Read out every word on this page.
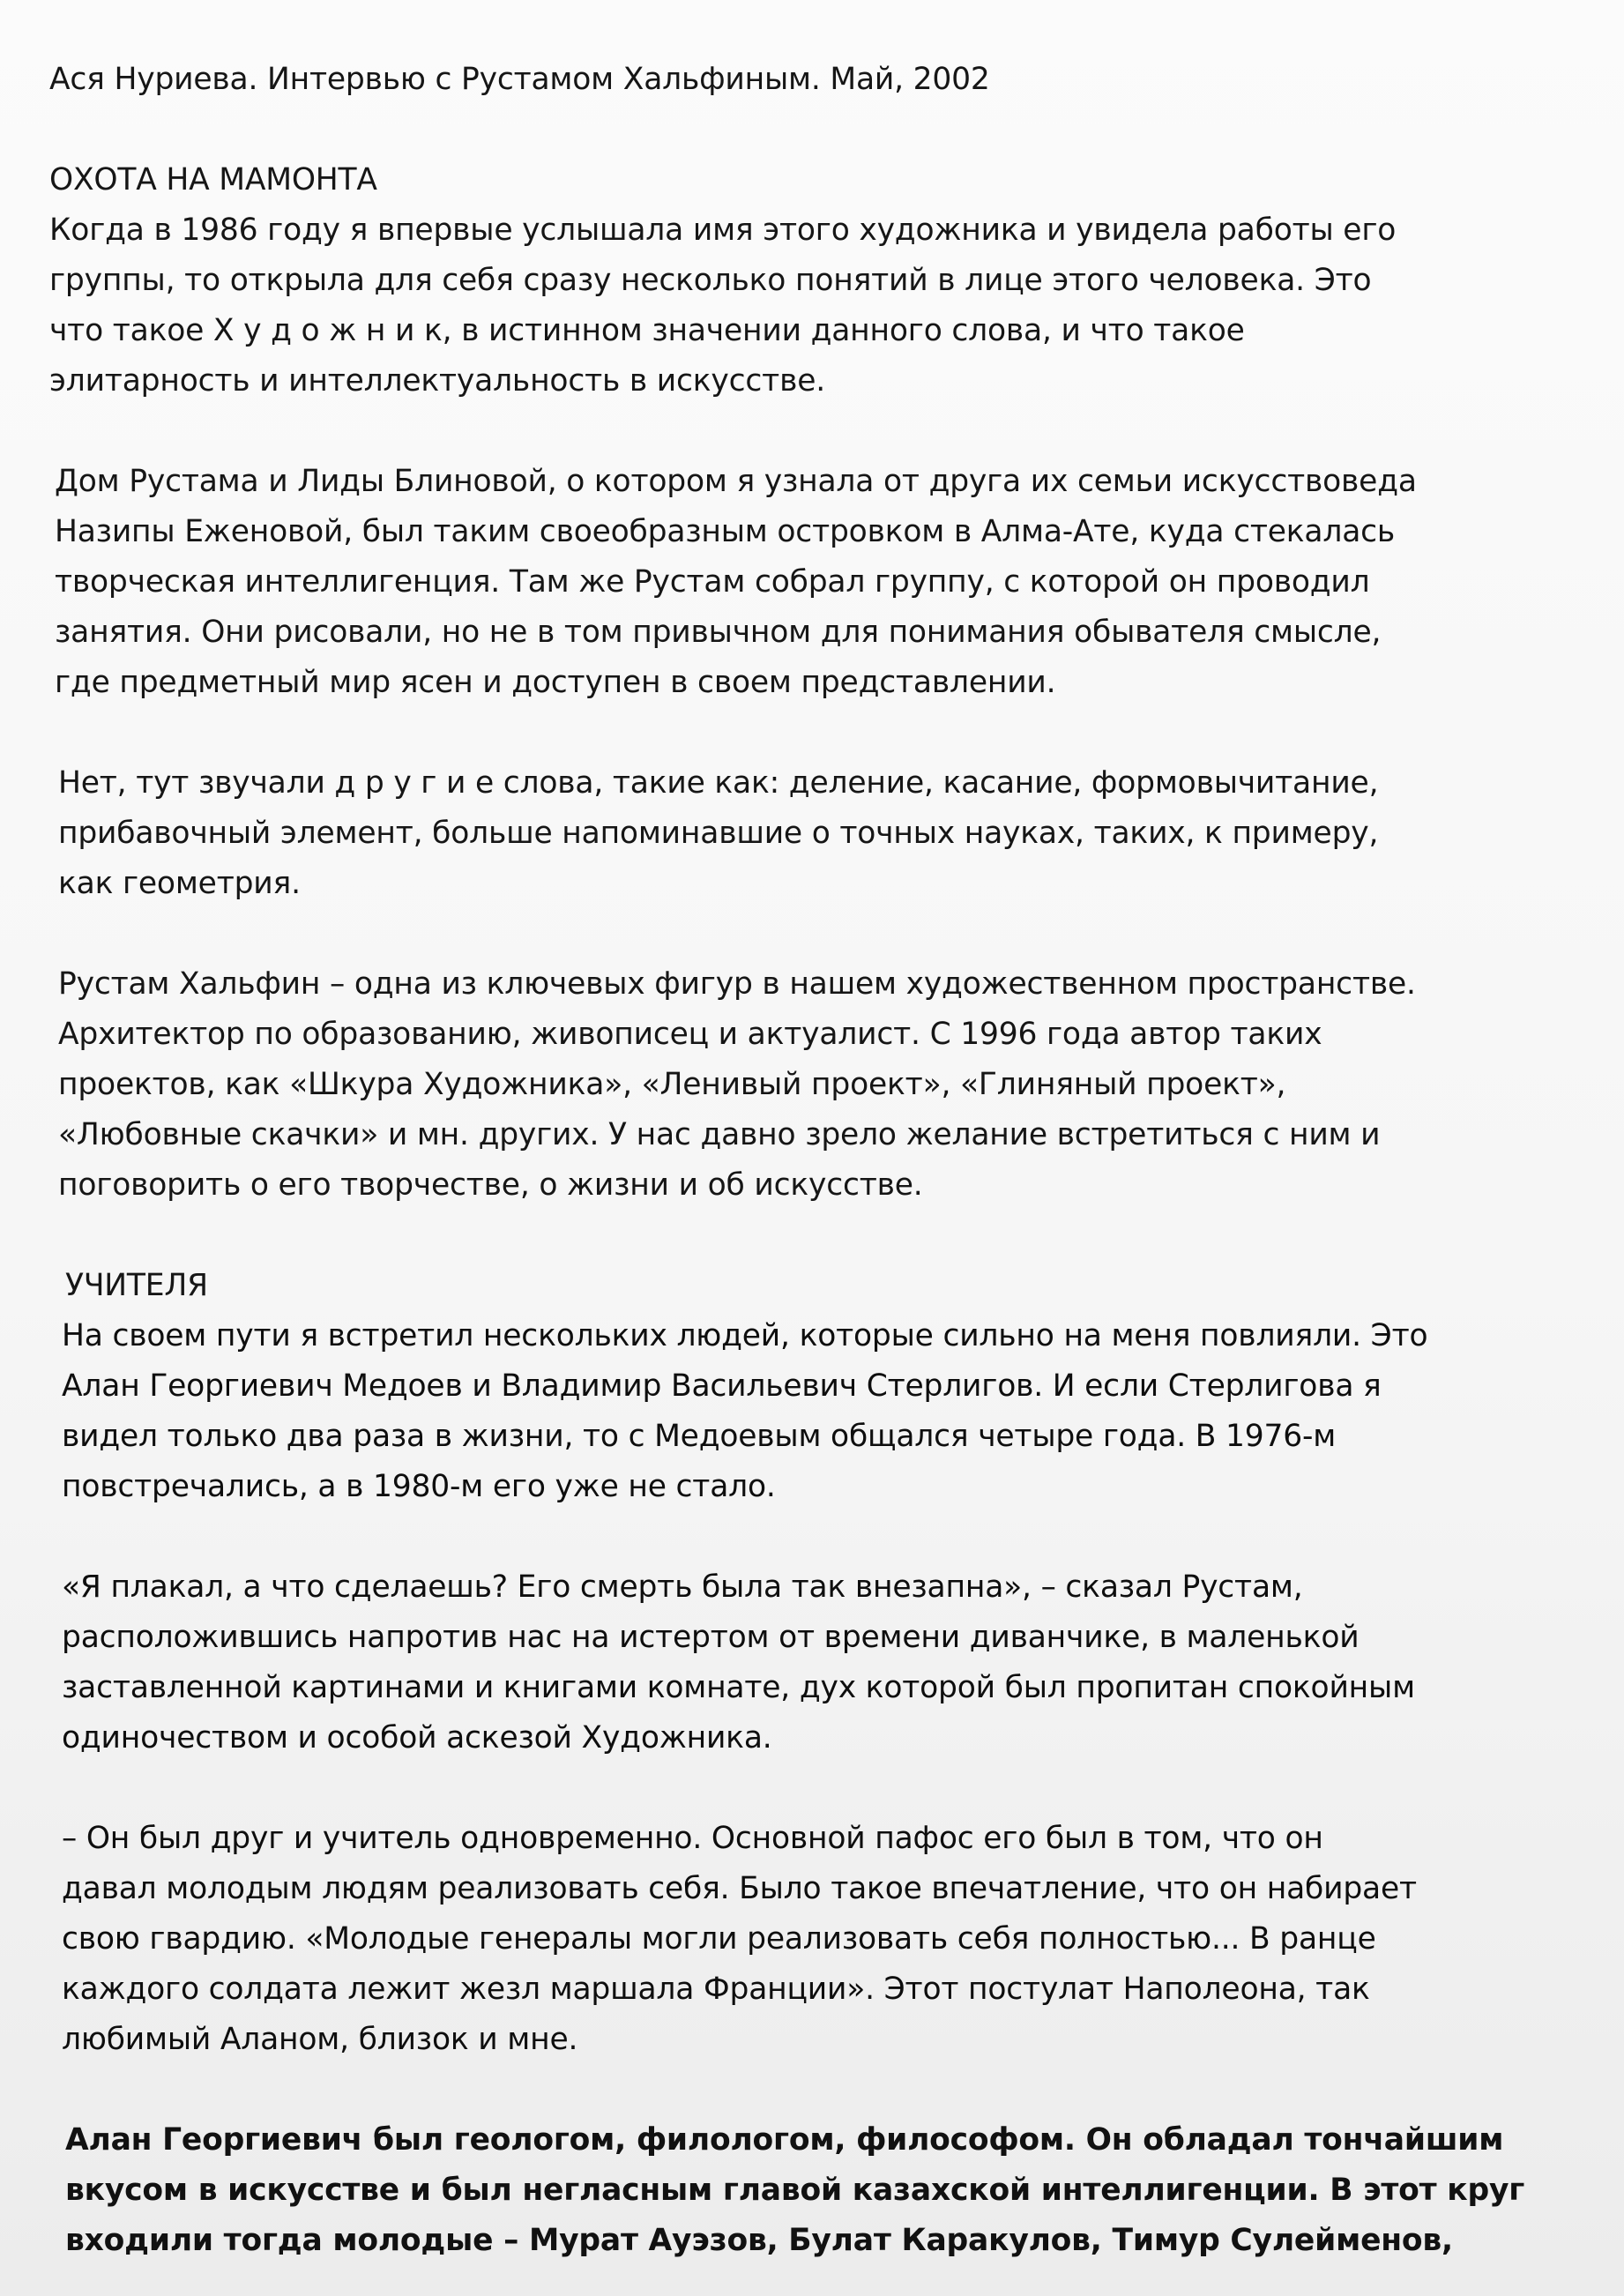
Ася Нуриева. Интервью с Рустамом Хальфиным. Май, 2002
ОХОТА НА МАМОНТА
Когда в 1986 году я впервые услышала имя этого художника и увидела работы его
группы, то открыла для себя сразу несколько понятий в лице этого человека. Это
что такое Х у д о ж н и к, в истинном значении данного слова, и что такое
элитарность и интеллектуальность в искусстве.
Дом Рустама и Лиды Блиновой, о котором я узнала от друга их семьи искусствоведа
Назипы Еженовой, был таким своеобразным островком в Алма-Ате, куда стекалась
творческая интеллигенция. Там же Рустам собрал группу, с которой он проводил
занятия. Они рисовали, но не в том привычном для понимания обывателя смысле,
где предметный мир ясен и доступен в своем представлении.
Нет, тут звучали д р у г и е слова, такие как: деление, касание, формовычитание,
прибавочный элемент, больше напоминавшие о точных науках, таких, к примеру,
как геометрия.
Рустам Хальфин – одна из ключевых фигур в нашем художественном пространстве.
Архитектор по образованию, живописец и актуалист. С 1996 года автор таких
проектов, как «Шкура Художника», «Ленивый проект», «Глиняный проект»,
«Любовные скачки» и мн. других. У нас давно зрело желание встретиться с ним и
поговорить о его творчестве, о жизни и об искусстве.
УЧИТЕЛЯ
На своем пути я встретил нескольких людей, которые сильно на меня повлияли. Это
Алан Георгиевич Медоев и Владимир Васильевич Стерлигов. И если Стерлигова я
видел только два раза в жизни, то с Медоевым общался четыре года. В 1976-м
повстречались, а в 1980-м его уже не стало.
«Я плакал, а что сделаешь? Его смерть была так внезапна», – сказал Рустам,
расположившись напротив нас на истертом от времени диванчике, в маленькой
заставленной картинами и книгами комнате, дух которой был пропитан спокойным
одиночеством и особой аскезой Художника.
– Он был друг и учитель одновременно. Основной пафос его был в том, что он
давал молодым людям реализовать себя. Было такое впечатление, что он набирает
свою гвардию. «Молодые генералы могли реализовать себя полностью... В ранце
каждого солдата лежит жезл маршала Франции». Этот постулат Наполеона, так
любимый Аланом, близок и мне.
Алан Георгиевич был геологом, филологом, философом. Он обладал тончайшим
вкусом в искусстве и был негласным главой казахской интеллигенции. В этот круг
входили тогда молодые – Мурат Ауэзов, Булат Каракулов, Тимур Сулейменов,
